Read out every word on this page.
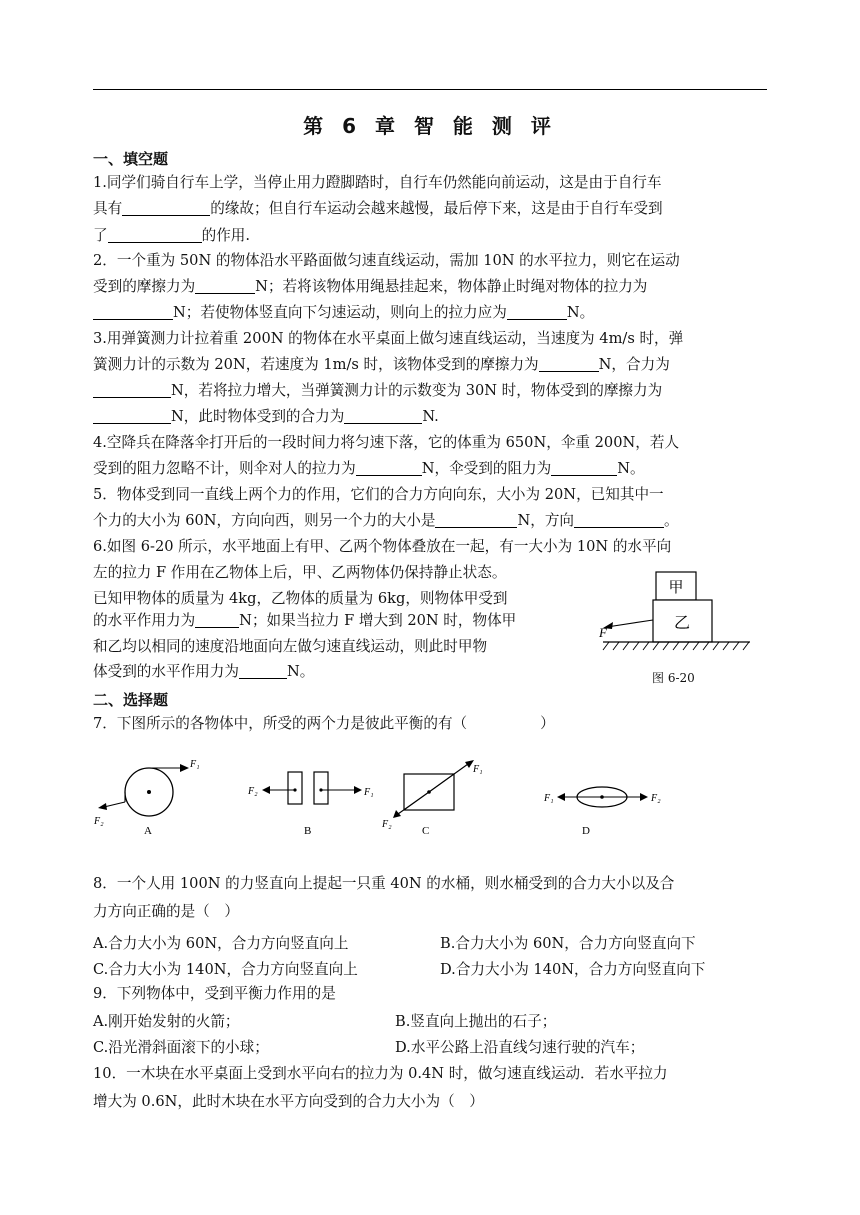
第 6 章 智 能 测 评
一、填空题
1.同学们骑自行车上学，当停止用力蹬脚踏时，自行车仍然能向前运动，这是由于自行车
具有	的缘故；但自行车运动会越来越慢，最后停下来，这是由于自行车受到
了	的作用.
2．一个重为 50N 的物体沿水平路面做匀速直线运动，需加 10N 的水平拉力，则它在运动
受到的摩擦力为	N；若将该物体用绳悬挂起来，物体静止时绳对物体的拉力为
N；若使物体竖直向下匀速运动，则向上的拉力应为	N。
3.用弹簧测力计拉着重 200N 的物体在水平桌面上做匀速直线运动，当速度为 4m/s 时，弹
簧测力计的示数为 20N，若速度为 1m/s 时，该物体受到的摩擦力为	N，合力为
N，若将拉力增大，当弹簧测力计的示数变为 30N 时，物体受到的摩擦力为
N，此时物体受到的合力为	N.
4.空降兵在降落伞打开后的一段时间力将匀速下落，它的体重为 650N，伞重 200N，若人
受到的阻力忽略不计，则伞对人的拉力为	N，伞受到的阻力为	N。
5．物体受到同一直线上两个力的作用，它们的合力方向向东，大小为 20N，已知其中一
个力的大小为 60N，方向向西，则另一个力的大小是	N，方向	。
6.如图 6-20 所示，水平地面上有甲、乙两个物体叠放在一起，有一大小为 10N 的水平向
左的拉力 F 作用在乙物体上后，甲、乙两物体仍保持静止状态。
已知甲物体的质量为 4kg，乙物体的质量为 6kg，则物体甲受到
的水平作用力为	N；如果当拉力 F 增大到 20N 时，物体甲
和乙均以相同的速度沿地面向左做匀速直线运动，则此时甲物
体受到的水平作用力为	N。
甲
乙
F
图 6-20
二、选择题
7．下图所示的各物体中，所受的两个力是彼此平衡的有（　　　　　）
F₁
F₂
A
F₂	F₁
B
F₁
F₂
C
F₁	F₂
D
8．一个人用 100N 的力竖直向上提起一只重 40N 的水桶，则水桶受到的合力大小以及合
力方向正确的是（　）
A.合力大小为 60N，合力方向竖直向上	B.合力大小为 60N，合力方向竖直向下
C.合力大小为 140N，合力方向竖直向上	D.合力大小为 140N，合力方向竖直向下
9．下列物体中，受到平衡力作用的是
A.刚开始发射的火箭；	B.竖直向上抛出的石子；
C.沿光滑斜面滚下的小球；	D.水平公路上沿直线匀速行驶的汽车；
10．一木块在水平桌面上受到水平向右的拉力为 0.4N 时，做匀速直线运动．若水平拉力
增大为 0.6N，此时木块在水平方向受到的合力大小为（　）
